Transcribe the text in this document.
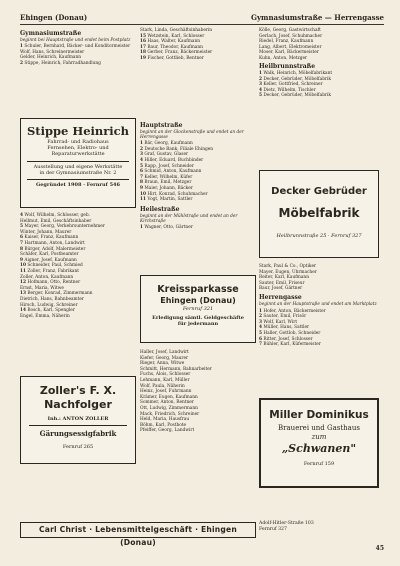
Ehingen (Donau)	Gymnasiumstraße — Herrengasse
Gymnasiumstraße
beginnt bei Hauptstraße und endet beim Postplatz
1 Schuler, Bernhard, Bäcker- und Konditormeister
Wolf, Hans, Schreinermeister
Gelder, Heinrich, Kaufmann
2 Stippe, Heinrich, Fahrradhandlung
Stippe Heinrich
Fahrrad- und Radiohaus
Fernsehen, Elektro- und
Reparaturwerkstätte
Ausstellung und eigene Werkstätte
in der Gymnasiumstraße Nr. 2
Gegründet 1908 · Fernruf 546
4 Wolf, Wilhelm, Schlosser, geb.
Hellmut, Emil, Geschäftsinhaber
5 Mayer, Georg, Verkehrsunternehmer
Winter, Johann, Maurer
6 Kaiser, Franz, Kaufmann
7 Hartmann, Anton, Landwirt
8 Bürger, Adolf, Malermeister
Schäfer, Karl, Postbeamter
9 Aigner, Josef, Kaufmann
10 Schneider, Paul, Schmied
11 Zoller, Franz, Fabrikant
Zoller, Anton, Kaufmann
12 Hofmann, Otto, Rentner
Ernst, Maria, Witwe
13 Berger, Konrad, Zimmermann
Dietrich, Hans, Bahnbeamter
Hirsch, Ludwig, Schreiner
14 Bosch, Karl, Spengler
Engel, Emma, Näherin
Zoller's F. X.
Nachfolger
Inh.: ANTON ZOLLER
Gärungsessigfabrik
Fernruf 265
Stark, Linda, Geschäftsinhaberin
15 Wetzstein, Karl, Schlosser
16 Haas, Walter, Kaufmann
17 Baur, Theodor, Kaufmann
18 Gerber, Franz, Bäckermeister
19 Fischer, Gottlieb, Rentner
Hauptstraße
beginnt an der Glockenstraße und endet an der Herrengasse
1 Bär, Georg, Kaufmann
2 Deutsche Bank, Filiale Ehingen
3 Graf, Gustav, Glaser
4 Hiller, Eduard, Buchbinder
5 Rapp, Josef, Schneider
6 Schmid, Anton, Kaufmann
7 Keller, Wilhelm, Küfer
8 Braun, Emil, Metzger
9 Maier, Johann, Bäcker
10 Hirt, Konrad, Schuhmacher
11 Vogt, Martin, Sattler
Heilestraße
beginnt an der Mühlstraße und endet an der Kirchstraße
1 Wagner, Otto, Gärtner
Kreissparkasse
Ehingen (Donau)
Fernruf 321
Erledigung sämtl. Geldgeschäfte
für jedermann
Haller, Josef, Landwirt
Kiefer, Georg, Maurer
Rieger, Anna, Witwe
Schmitt, Hermann, Bahnarbeiter
Fuchs, Alois, Schlosser
Lehmann, Karl, Müller
Wolf, Paula, Näherin
Heinz, Josef, Fuhrmann
Krämer, Eugen, Kaufmann
Sommer, Anton, Rentner
Ott, Ludwig, Zimmermann
Mack, Friedrich, Schreiner
Held, Maria, Hausfrau
Böhm, Karl, Postbote
Pfeiffer, Georg, Landwirt
Kölle, Georg, Gastwirtschaft
Gerlach, Josef, Schuhmacher
Riedel, Franz, Kaufmann
Lang, Albert, Elektromeister
Moser, Karl, Bäckermeister
Kuhn, Anton, Metzger
Heilbrunnstraße
1 Walk, Heinrich, Möbelfabrikant
2 Decker, Gebrüder, Möbelfabrik
3 Keller, Gottfried, Schreiner
4 Dietz, Wilhelm, Tischler
5 Decker, Gebrüder, Möbelfabrik
Decker Gebrüder
Möbelfabrik
Heilbrunnstraße 25 · Fernruf 327
Stark, Paul & Co., Optiker
Mayer, Eugen, Uhrmacher
Reiter, Karl, Kaufmann
Sauter, Emil, Friseur
Baur, Josef, Gärtner
Herrengasse
beginnt an der Hauptstraße und endet am Marktplatz
1 Hofer, Anton, Bäckermeister
2 Sauter, Emil, Frisör
3 Wolf, Karl, Wirt
4 Müller, Hans, Sattler
5 Haller, Gottlob, Schneider
6 Ritter, Josef, Schlosser
7 Bühler, Karl, Küfermeister
Miller Dominikus
Brauerei und Gasthaus
zum
„Schwanen"
Fernruf 159
Carl Christ · Lebensmittelgeschäft · Ehingen (Donau)
Adolf-Hitler-Straße 103
Fernruf 327
45
